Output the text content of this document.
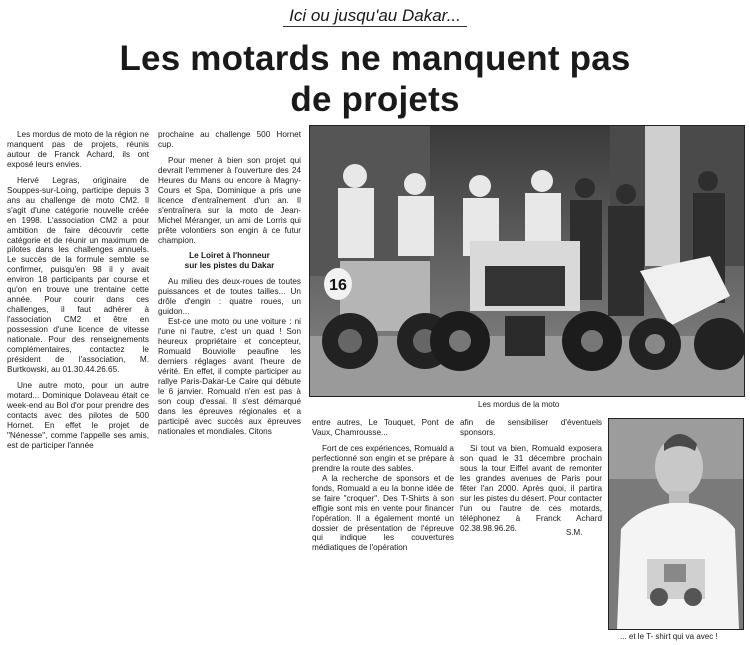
Ici ou jusqu'au Dakar...
Les motards ne manquent pas
de projets

Les mordus de moto de la région ne manquent pas de projets, réunis autour de Franck Achard, ils ont exposé leurs envies.

Hervé Legras, originaire de Souppes-sur-Loing, participe depuis 3 ans au challenge de moto CM2. Il s'agit d'une catégorie nouvelle créée en 1998. L'association CM2 a pour ambition de faire découvrir cette catégorie et de réunir un maximum de pilotes dans les challenges annuels. Le succès de la formule semble se confirmer, puisqu'en 98 il y avait environ 18 participants par course et qu'on en trouve une trentaine cette année. Pour courir dans ces challenges, il faut adhérer à l'association CM2 et être en possession d'une licence de vitesse nationale. Pour des renseignements complémentaires, contactez le président de l'association, M. Burtkowski, au 01.30.44.26.65.

Une autre moto, pour un autre motard... Dominique Dolaveau était ce week-end au Bol d'or pour prendre des contacts avec des pilotes de 500 Hornet. En effet le projet de "Nénesse", comme l'appelle ses amis, est de participer l'année

prochaine au challenge 500 Hornet cup.

Pour mener à bien son projet qui devrait l'emmener à l'ouverture des 24 Heures du Mans ou encore à Magny-Cours et Spa, Dominique a pris une licence d'entraînement d'un an. Il s'entraînera sur la moto de Jean-Michel Méranger, un ami de Lorris qui prête volontiers son engin à ce futur champion.

Le Loiret à l'honneur
sur les pistes du Dakar

Au milieu des deux-roues de toutes puissances et de toutes tailles... Un drôle d'engin : quatre roues, un guidon...

Est-ce une moto ou une voiture : ni l'une ni l'autre, c'est un quad ! Son heureux propriétaire et concepteur, Romuald Bouviolle peaufine les derniers réglages avant l'heure de vérité. En effet, il compte participer au rallye Paris-Dakar-Le Caire qui débute le 6 janvier. Romuald n'en est pas à son coup d'essai. Il s'est démarqué dans les épreuves régionales et a participé avec succès aux épreuves nationales et mondiales. Citons

16
Les mordus de la moto

entre autres, Le Touquet, Pont de Vaux, Chamrousse...

Fort de ces expériences, Romuald a perfectionné son engin et se prépare à prendre la route des sables.

A la recherche de sponsors et de fonds, Romuald a eu la bonne idée de se faire "croquer". Des T-Shirts à son effigie sont mis en vente pour financer l'opération. Il a également monté un dossier de présentation de l'épreuve qui indique les couvertures médiatiques de l'opération

afin de sensibiliser d'éventuels sponsors.

Si tout va bien, Romuald exposera son quad le 31 décembre prochain sous la tour Eiffel avant de remonter les grandes avenues de Paris pour fêter l'an 2000. Après quoi, il partira sur les pistes du désert. Pour contacter l'un ou l'autre de ces motards, téléphonez à Franck Achard 02.38.98.96.26.	S.M.
... et le T- shirt qui va avec !
